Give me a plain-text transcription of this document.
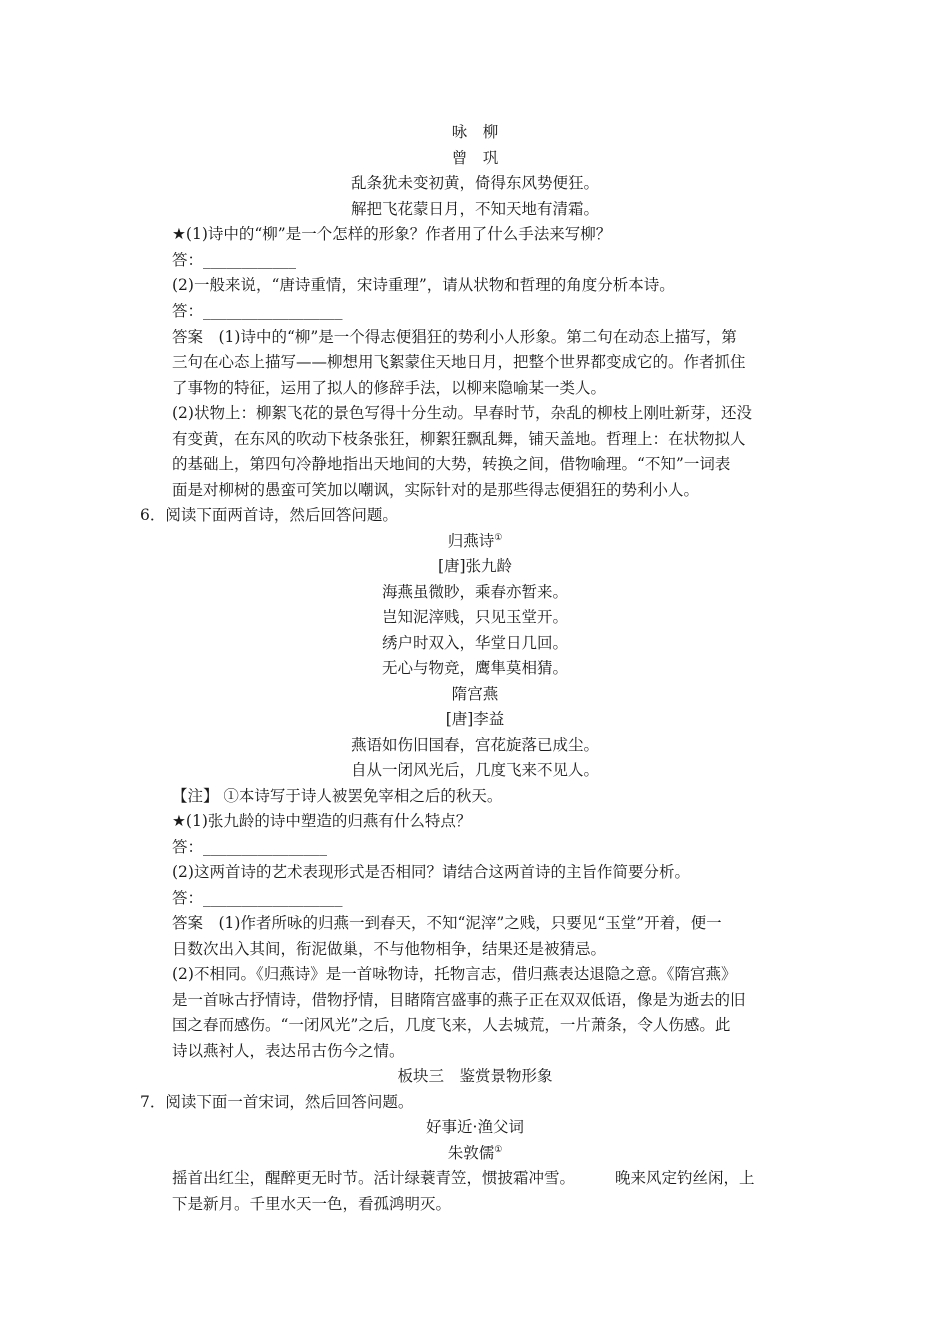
咏　柳
曾　巩
乱条犹未变初黄，倚得东风势便狂。
解把飞花蒙日月，不知天地有清霜。
★(1)诗中的“柳”是一个怎样的形象？作者用了什么手法来写柳？
答：____________
(2)一般来说，“唐诗重情，宋诗重理”，请从状物和哲理的角度分析本诗。
答：__________________
答案　(1)诗中的“柳”是一个得志便猖狂的势利小人形象。第二句在动态上描写，第
三句在心态上描写——柳想用飞絮蒙住天地日月，把整个世界都变成它的。作者抓住
了事物的特征，运用了拟人的修辞手法，以柳来隐喻某一类人。
(2)状物上：柳絮飞花的景色写得十分生动。早春时节，杂乱的柳枝上刚吐新芽，还没
有变黄，在东风的吹动下枝条张狂，柳絮狂飘乱舞，铺天盖地。哲理上：在状物拟人
的基础上，第四句冷静地指出天地间的大势，转换之间，借物喻理。“不知”一词表
面是对柳树的愚蛮可笑加以嘲讽，实际针对的是那些得志便猖狂的势利小人。
6．阅读下面两首诗，然后回答问题。
归燕诗①
[唐]张九龄
海燕虽微眇，乘春亦暂来。
岂知泥滓贱，只见玉堂开。
绣户时双入，华堂日几回。
无心与物竞，鹰隼莫相猜。
隋宫燕
[唐]李益
燕语如伤旧国春，宫花旋落已成尘。
自从一闭风光后，几度飞来不见人。
【注】 ①本诗写于诗人被罢免宰相之后的秋天。
★(1)张九龄的诗中塑造的归燕有什么特点？
答：________________
(2)这两首诗的艺术表现形式是否相同？请结合这两首诗的主旨作简要分析。
答：__________________
答案　(1)作者所咏的归燕一到春天，不知“泥滓”之贱，只要见“玉堂”开着，便一
日数次出入其间，衔泥做巢，不与他物相争，结果还是被猜忌。
(2)不相同。《归燕诗》是一首咏物诗，托物言志，借归燕表达退隐之意。《隋宫燕》
是一首咏古抒情诗，借物抒情，目睹隋宫盛事的燕子正在双双低语，像是为逝去的旧
国之春而感伤。“一闭风光”之后，几度飞来，人去城荒，一片萧条，令人伤感。此
诗以燕衬人，表达吊古伤今之情。
板块三　鉴赏景物形象
7．阅读下面一首宋词，然后回答问题。
好事近·渔父词
朱敦儒①
摇首出红尘，醒醉更无时节。活计绿蓑青笠，惯披霜冲雪。	晚来风定钓丝闲，上
下是新月。千里水天一色，看孤鸿明灭。
